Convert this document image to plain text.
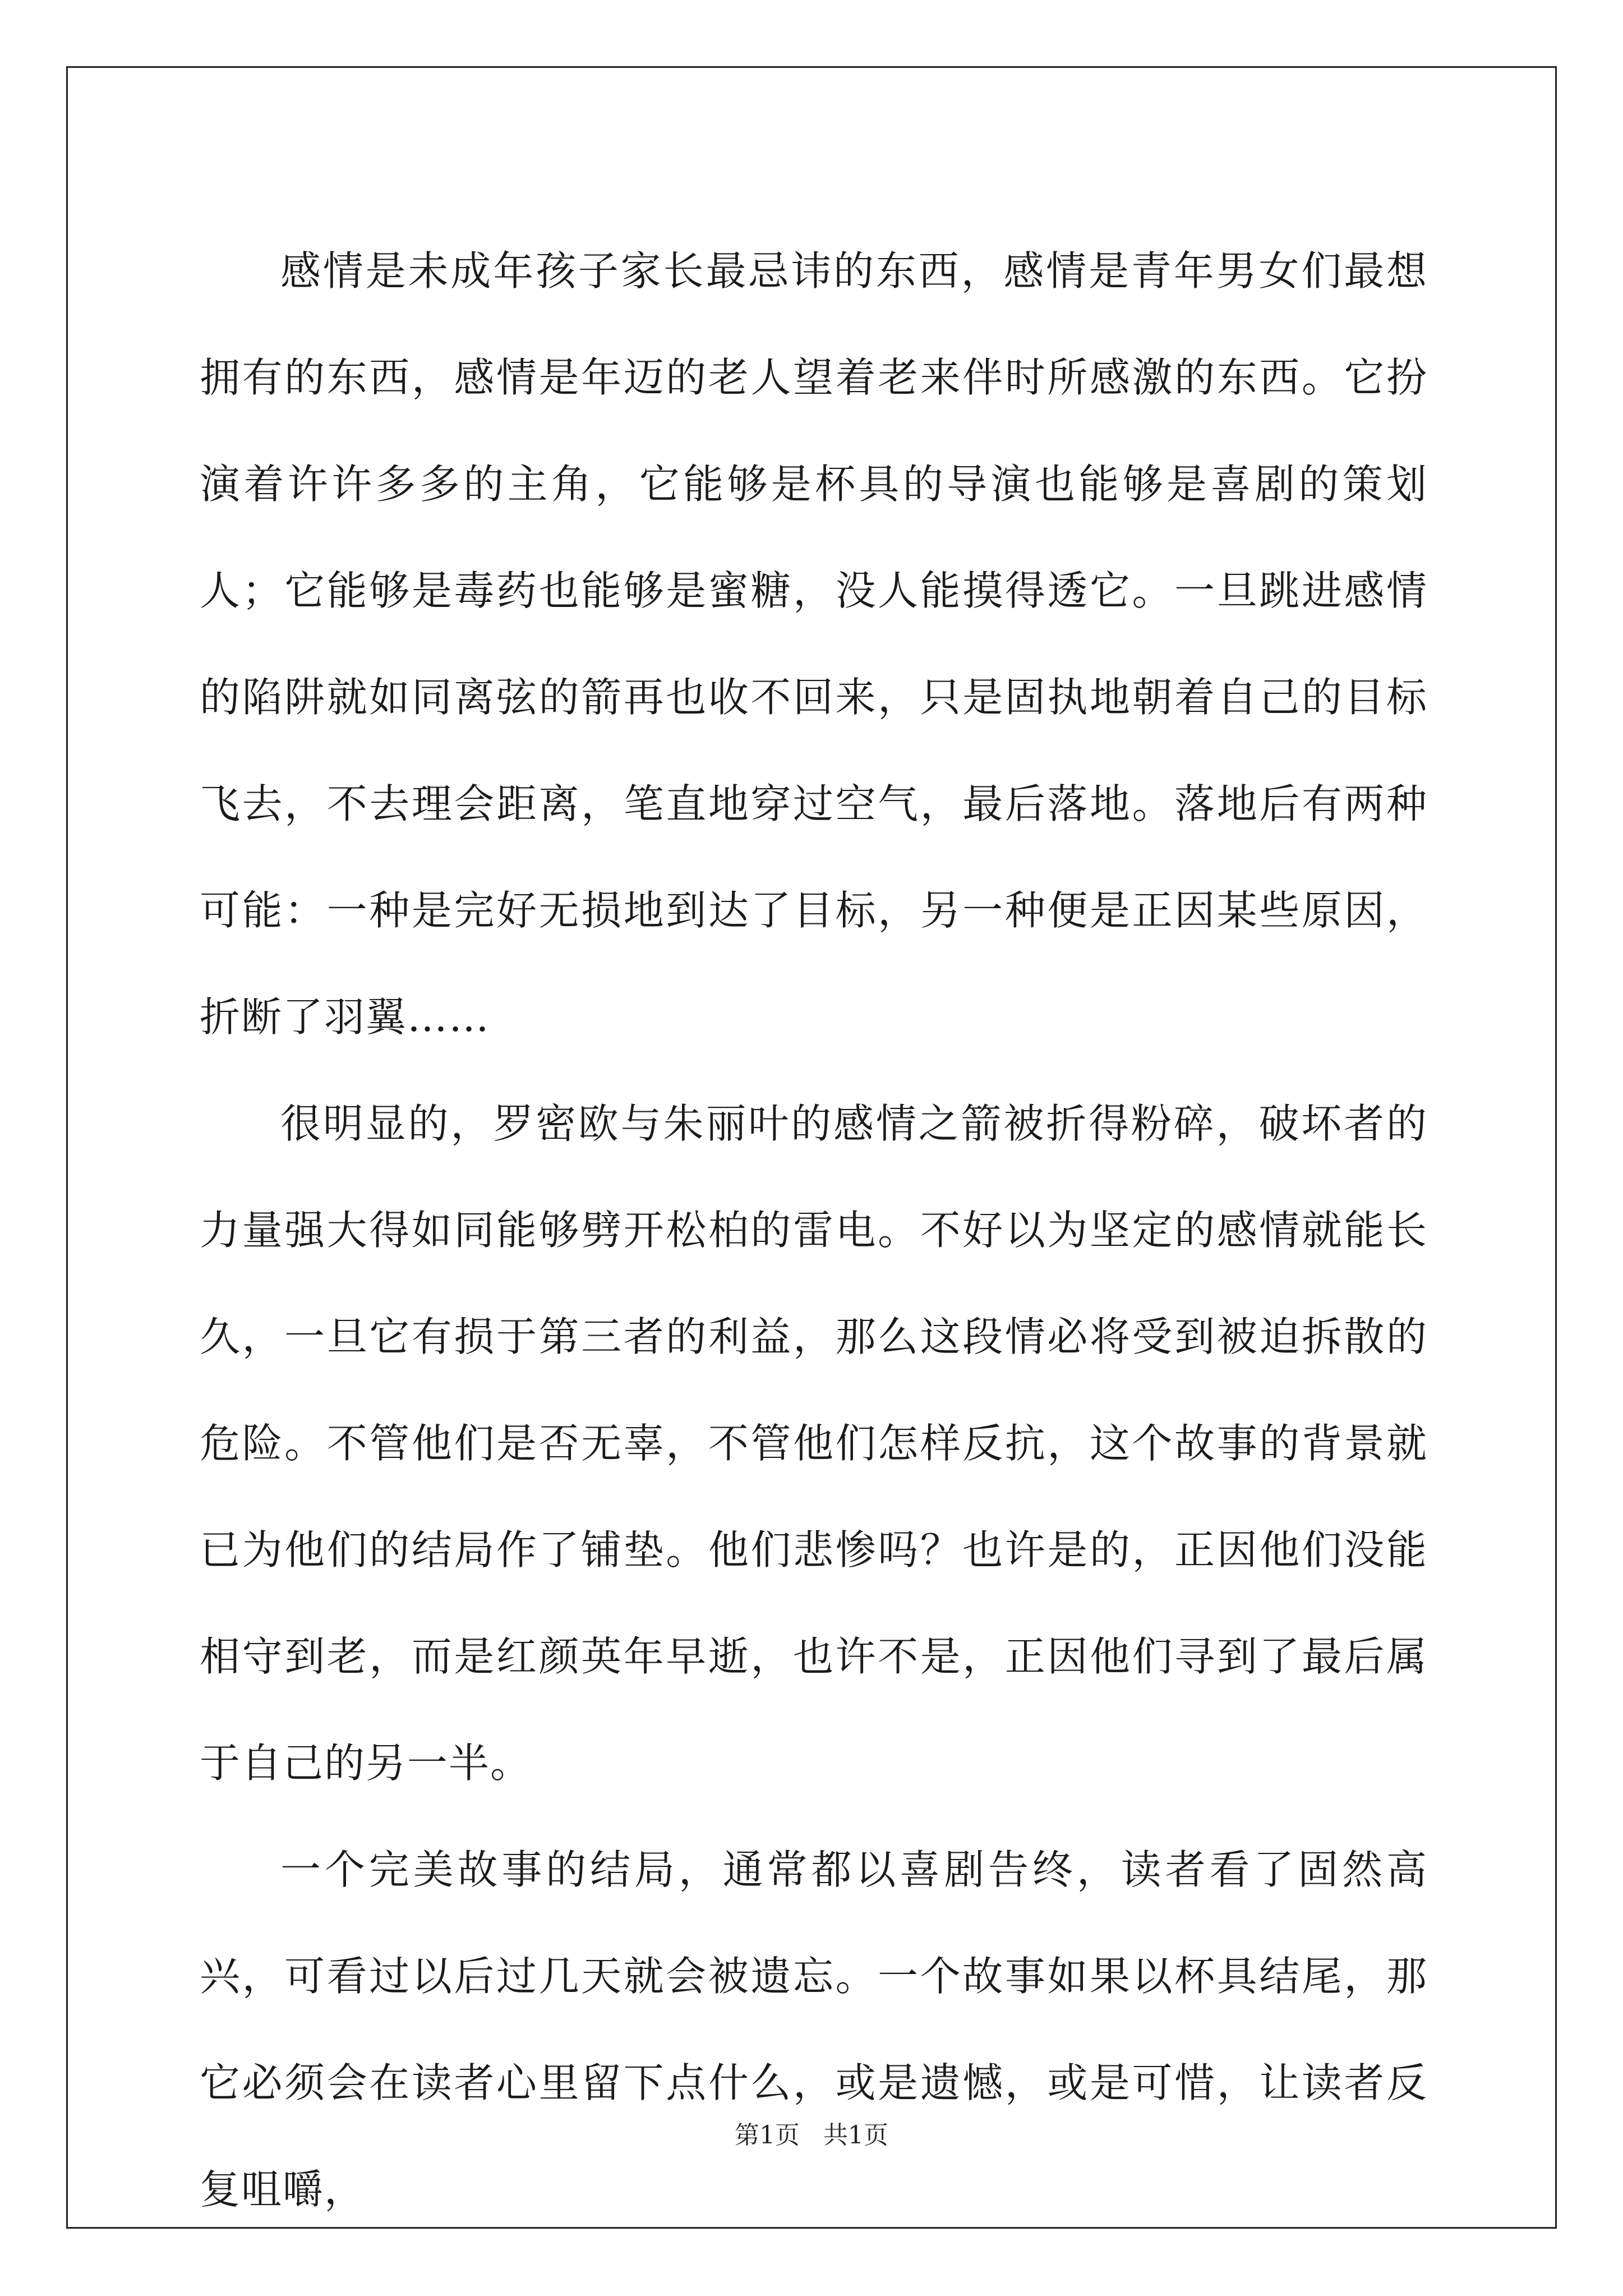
感情是未成年孩子家长最忌讳的东西，感情是青年男女们最想拥有的东西，感情是年迈的老人望着老来伴时所感激的东西。它扮演着许许多多的主角，它能够是杯具的导演也能够是喜剧的策划人；它能够是毒药也能够是蜜糖，没人能摸得透它。一旦跳进感情的陷阱就如同离弦的箭再也收不回来，只是固执地朝着自己的目标飞去，不去理会距离，笔直地穿过空气，最后落地。落地后有两种可能：一种是完好无损地到达了目标，另一种便是正因某些原因，折断了羽翼……

很明显的，罗密欧与朱丽叶的感情之箭被折得粉碎，破坏者的力量强大得如同能够劈开松柏的雷电。不好以为坚定的感情就能长久，一旦它有损于第三者的利益，那么这段情必将受到被迫拆散的危险。不管他们是否无辜，不管他们怎样反抗，这个故事的背景就已为他们的结局作了铺垫。他们悲惨吗？也许是的，正因他们没能相守到老，而是红颜英年早逝，也许不是，正因他们寻到了最后属于自己的另一半。

一个完美故事的结局，通常都以喜剧告终，读者看了固然高兴，可看过以后过几天就会被遗忘。一个故事如果以杯具结尾，那它必须会在读者心里留下点什么，或是遗憾，或是可惜，让读者反复咀嚼，

第1页 共1页
